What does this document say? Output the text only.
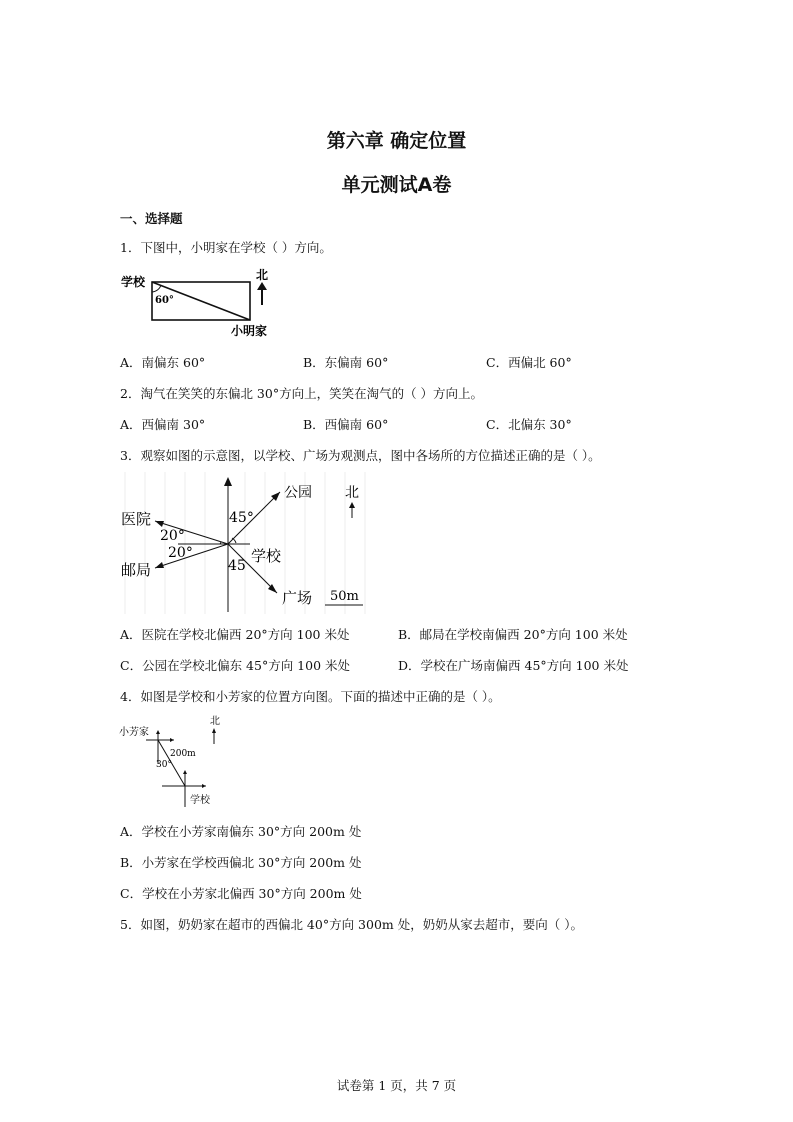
第六章 确定位置
单元测试A卷
一、选择题
1．下图中，小明家在学校（ ）方向。
学校
60°
北
小明家
A．南偏东 60°	B．东偏南 60°	C．西偏北 60°
2．淘气在笑笑的东偏北 30°方向上，笑笑在淘气的（ ）方向上。
A．西偏南 30°	B．西偏南 60°	C．北偏东 30°
3．观察如图的示意图，以学校、广场为观测点，图中各场所的方位描述正确的是（ ）。
公园 北
医院
邮局
20°
20°
45°
45
学校
广场 50m
A．医院在学校北偏西 20°方向 100 米处	B．邮局在学校南偏西 20°方向 100 米处
C．公园在学校北偏东 45°方向 100 米处	D．学校在广场南偏西 45°方向 100 米处
4．如图是学校和小芳家的位置方向图。下面的描述中正确的是（ ）。
小芳家
北
200m
30°
学校
A．学校在小芳家南偏东 30°方向 200m 处
B．小芳家在学校西偏北 30°方向 200m 处
C．学校在小芳家北偏西 30°方向 200m 处
5．如图，奶奶家在超市的西偏北 40°方向 300m 处，奶奶从家去超市，要向（ ）。
试卷第 1 页，共 7 页
